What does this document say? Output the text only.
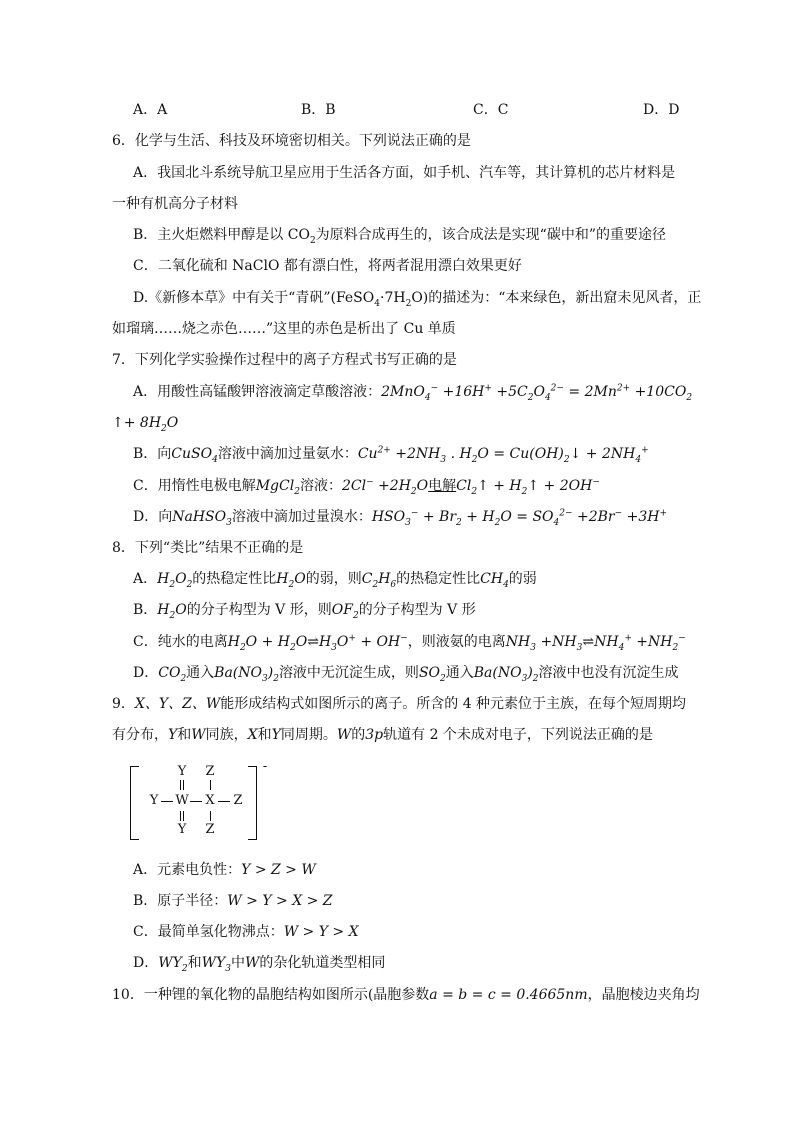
A．A	B．B	C．C	D．D
6．化学与生活、科技及环境密切相关。下列说法正确的是
A．我国北斗系统导航卫星应用于生活各方面，如手机、汽车等，其计算机的芯片材料是
一种有机高分子材料
B．主火炬燃料甲醇是以 $CO_2$为原料合成再生的，该合成法是实现“碳中和”的重要途径
C．二氧化硫和 NaClO 都有漂白性，将两者混用漂白效果更好
D.《新修本草》中有关于“青矾$”(FeSO_4\cdot 7H_2O)$的描述为：“本来绿色，新出窟未见风者，正
如瑠璃……烧之赤色……”这里的赤色是析出了 Cu 单质
7．下列化学实验操作过程中的离子方程式书写正确的是
A．用酸性高锰酸钾溶液滴定草酸溶液：$2MnO_4^- +16H^+ +5C_2O_4^{2-} = 2Mn^{2+} +10CO_2$
↑+ $8H_2O$
B．向CuSO$_4$溶液中滴加过量氨水：$Cu^{2+} +2NH_3$ . $H_2O$ = $Cu(OH)_2↓ + 2NH_4^+$
C．用惰性电极电解MgCl$_2$溶液：$2Cl^- +2H_2O$电解$Cl_2↑$ + $H_2↑ + 2OH^-$
D．向NaHSO$_3$溶液中滴加过量溴水：$HSO_3^- + Br_2 + H_2O = SO_4^{2-} +2Br^- +3H^+$
8．下列“类比”结果不正确的是
A．$H_2O_2$的热稳定性比$H_2O$的弱，则$C_2H_6$的热稳定性比$CH_4$的弱
B．$H_2O$的分子构型为 V 形，则$OF_2$的分子构型为 V 形
C．纯水的电离$H_2O$ + $H_2O\rightleftharpoons H_3O^+ + OH^-$，则液氨的电离$NH_3$ $+NH_3\rightleftharpoons NH_4^+ +NH_2^-$
D．$CO_2$通入$Ba(NO_3)_2$溶液中无沉淀生成，则$SO_2$通入$Ba(NO_3)_2$溶液中也没有沉淀生成
9．X、Y、Z、W能形成结构式如图所示的离子。所含的 4 种元素位于主族，在每个短周期均
有分布，Y和W同族，X和Y同周期。W的3p轨道有 2 个未成对电子，下列说法正确的是
-
Y Z
Y W X Z
Y Z
A．元素电负性：Y > Z > W
B．原子半径：W > Y > X > Z
C．最简单氢化物沸点：W > Y > X
D．$WY_2$和$WY_3$中W的杂化轨道类型相同
10．一种锂的氧化物的晶胞结构如图所示(晶胞参数a = b = c = 0.4665nm，晶胞棱边夹角均
